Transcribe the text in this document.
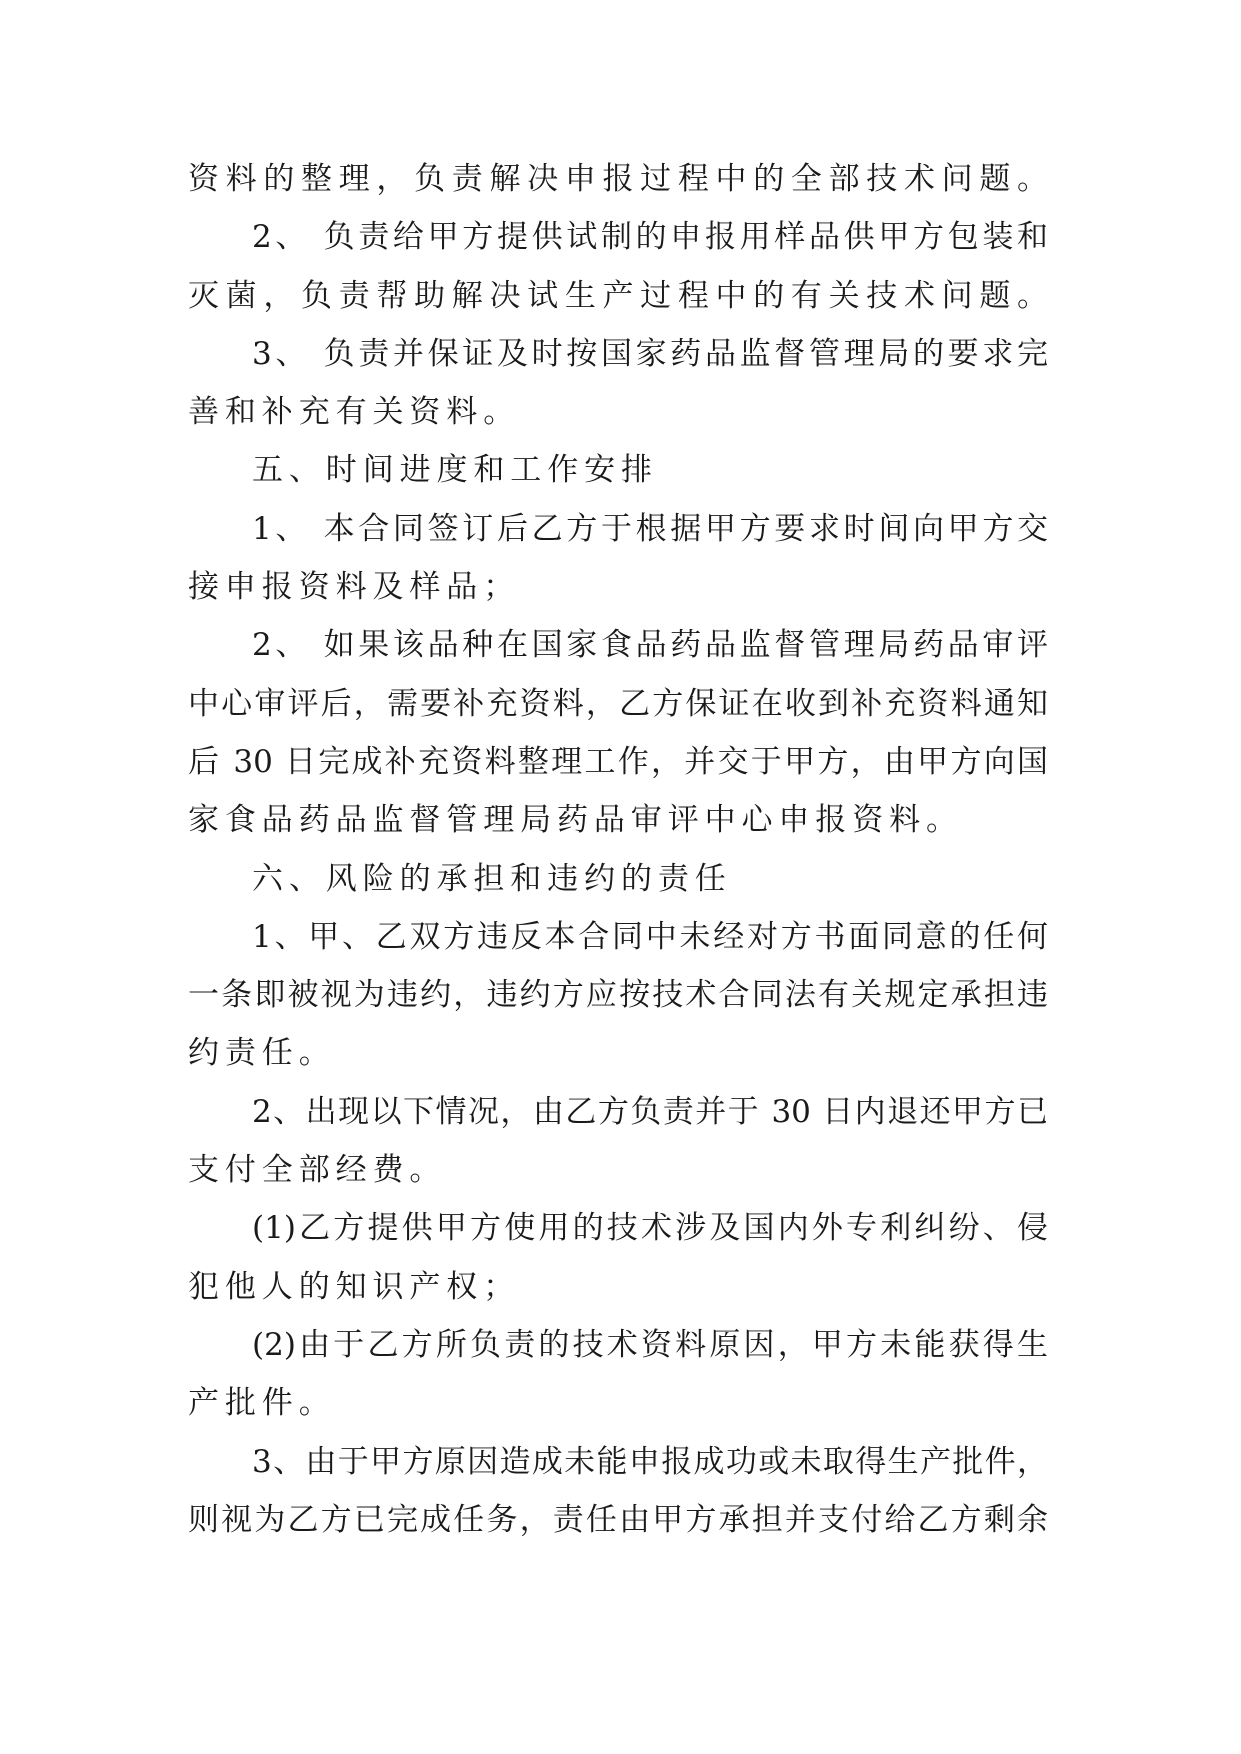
资料的整理，负责解决申报过程中的全部技术问题。
2、 负责给甲方提供试制的申报用样品供甲方包装和
灭菌，负责帮助解决试生产过程中的有关技术问题。
3、 负责并保证及时按国家药品监督管理局的要求完
善和补充有关资料。
五、时间进度和工作安排
1、 本合同签订后乙方于根据甲方要求时间向甲方交
接申报资料及样品；
2、 如果该品种在国家食品药品监督管理局药品审评
中心审评后，需要补充资料，乙方保证在收到补充资料通知
后 30 日完成补充资料整理工作，并交于甲方，由甲方向国
家食品药品监督管理局药品审评中心申报资料。
六、风险的承担和违约的责任
1、甲、乙双方违反本合同中未经对方书面同意的任何
一条即被视为违约，违约方应按技术合同法有关规定承担违
约责任。
2、出现以下情况，由乙方负责并于 30 日内退还甲方已
支付全部经费。
(1)乙方提供甲方使用的技术涉及国内外专利纠纷、侵
犯他人的知识产权；
(2)由于乙方所负责的技术资料原因，甲方未能获得生
产批件。
3、由于甲方原因造成未能申报成功或未取得生产批件，
则视为乙方已完成任务，责任由甲方承担并支付给乙方剩余
